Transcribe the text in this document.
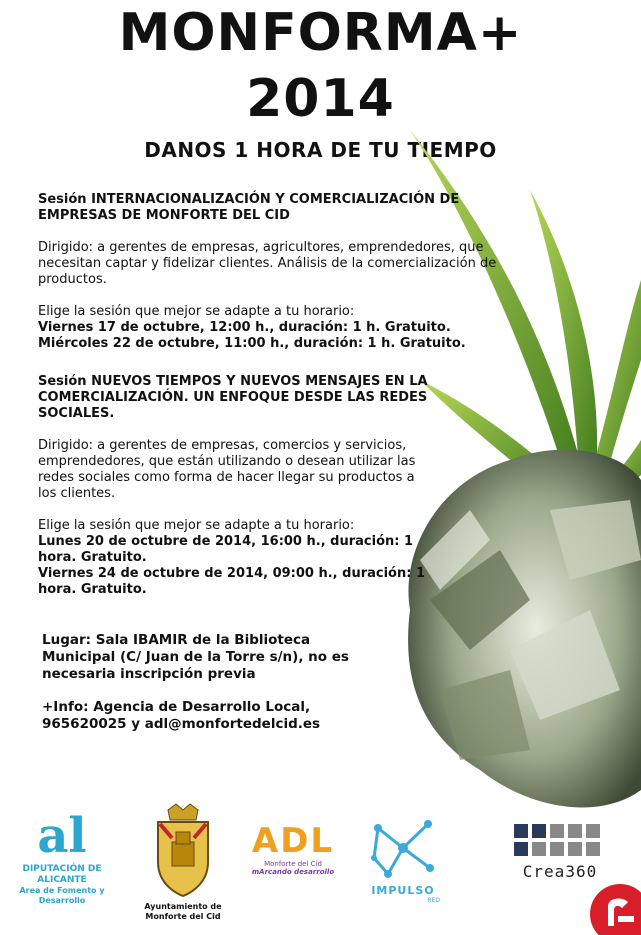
MONFORMA+
2014
DANOS 1 HORA DE TU TIEMPO

Sesión INTERNACIONALIZACIÓN Y COMERCIALIZACIÓN DE EMPRESAS DE MONFORTE DEL CID

Dirigido: a gerentes de empresas, agricultores, emprendedores, que necesitan captar y fidelizar clientes. Análisis de la comercialización de productos.

Elige la sesión que mejor se adapte a tu horario:

Viernes 17 de octubre, 12:00 h., duración: 1 h. Gratuito.

Miércoles 22 de octubre, 11:00 h., duración: 1 h. Gratuito.

Sesión NUEVOS TIEMPOS Y NUEVOS MENSAJES EN LA COMERCIALIZACIÓN. UN ENFOQUE DESDE LAS REDES SOCIALES.

Dirigido: a gerentes de empresas, comercios y servicios, emprendedores, que están utilizando o desean utilizar las redes sociales como forma de hacer llegar su productos a los clientes.

Elige la sesión que mejor se adapte a tu horario:

Lunes 20 de octubre de 2014, 16:00 h., duración: 1 hora. Gratuito.

Viernes 24 de octubre de 2014, 09:00 h., duración: 1 hora. Gratuito.

Lugar: Sala IBAMIR de la Biblioteca Municipal (C/ Juan de la Torre s/n), no es necesaria inscripción previa

+Info: Agencia de Desarrollo Local, 965620025 y adl@monfortedelcid.es

al
DIPUTACIÓN DE ALICANTE
Area de Fomento y Desarrollo
Ayuntamiento de Monforte del Cid
ADL
Monforte del Cid
mArcando desarrollo
IMPULSO
RED
Crea360
